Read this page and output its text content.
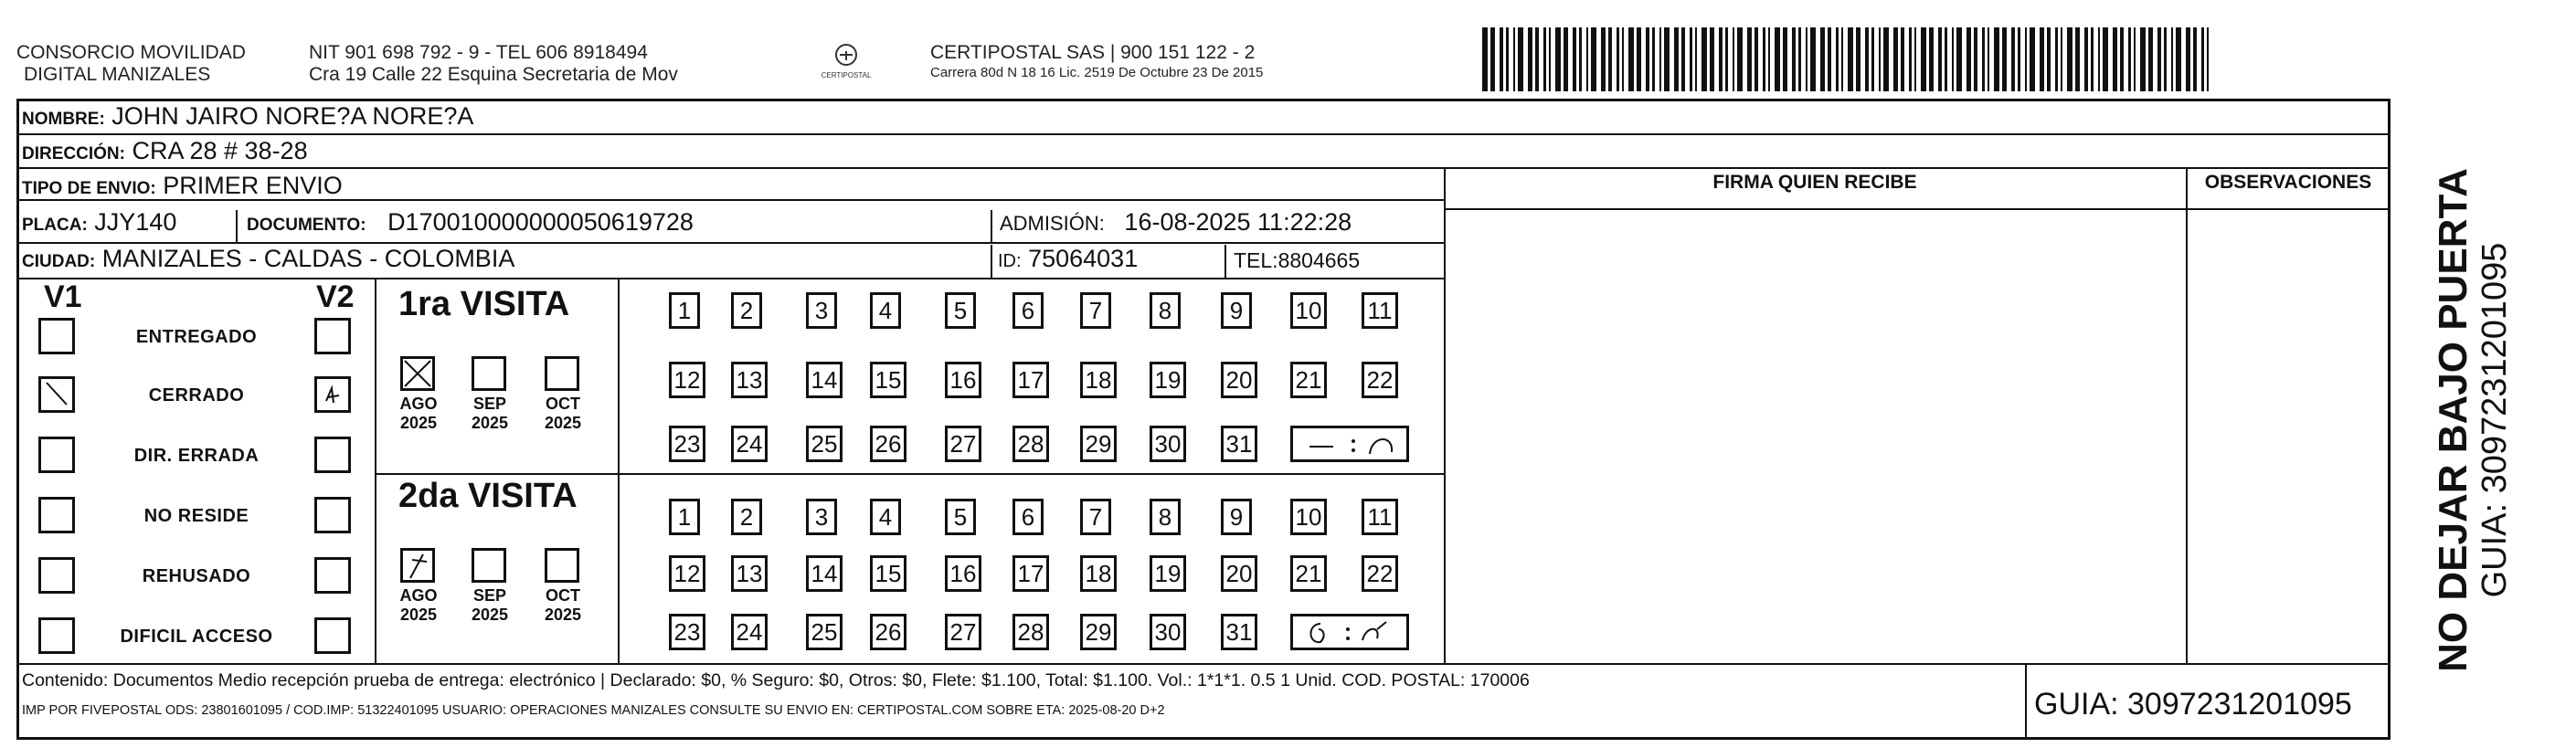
CONSORCIO MOVILIDAD
DIGITAL MANIZALES
NIT 901 698 792 - 9 - TEL 606 8918494
Cra 19 Calle 22 Esquina Secretaria de Mov	CERTIPOSTAL
CERTIPOSTAL SAS | 900 151 122 - 2
Carrera 80d N 18 16 Lic. 2519 De Octubre 23 De 2015
NOMBRE: JOHN JAIRO NORE?A NORE?A
DIRECCIÓN: CRA 28 # 38-28
TIPO DE ENVIO: PRIMER ENVIO	FIRMA QUIEN RECIBE	OBSERVACIONES
PLACA: JJY140	DOCUMENTO: D170010000000050619728	ADMISIÓN: 16-08-2025 11:22:28
CIUDAD: MANIZALES - CALDAS - COLOMBIA	ID: 75064031	TEL:8804665
V1	V2
ENTREGADO
CERRADO
DIR. ERRADA
NO RESIDE
REHUSADO
DIFICIL ACCESO
1ra VISITA
2da VISITA
AGO
2025
SEP
2025
OCT
2025
AGO
2025
SEP
2025
OCT
2025
1	2	3	4	5	6	7	8	9	10 11
12 13 14 15 16 17 18 19 20 21 22
23 24 25 26 27 28 29 30 31
1	2	3	4	5	6	7	8	9	10 11
12 13 14 15 16 17 18 19 20 21 22
23 24 25 26 27 28 29 30 31	NO DEJAR BAJO PUERTA GUIA: 3097231201095
Contenido: Documentos Medio recepción prueba de entrega: electrónico | Declarado: $0, % Seguro: $0, Otros: $0, Flete: $1.100, Total: $1.100. Vol.: 1*1*1. 0.5 1 Unid. COD. POSTAL: 170006
IMP POR FIVEPOSTAL ODS: 23801601095 / COD.IMP: 51322401095 USUARIO: OPERACIONES MANIZALES CONSULTE SU ENVIO EN: CERTIPOSTAL.COM SOBRE ETA: 2025-08-20 D+2	GUIA: 3097231201095
